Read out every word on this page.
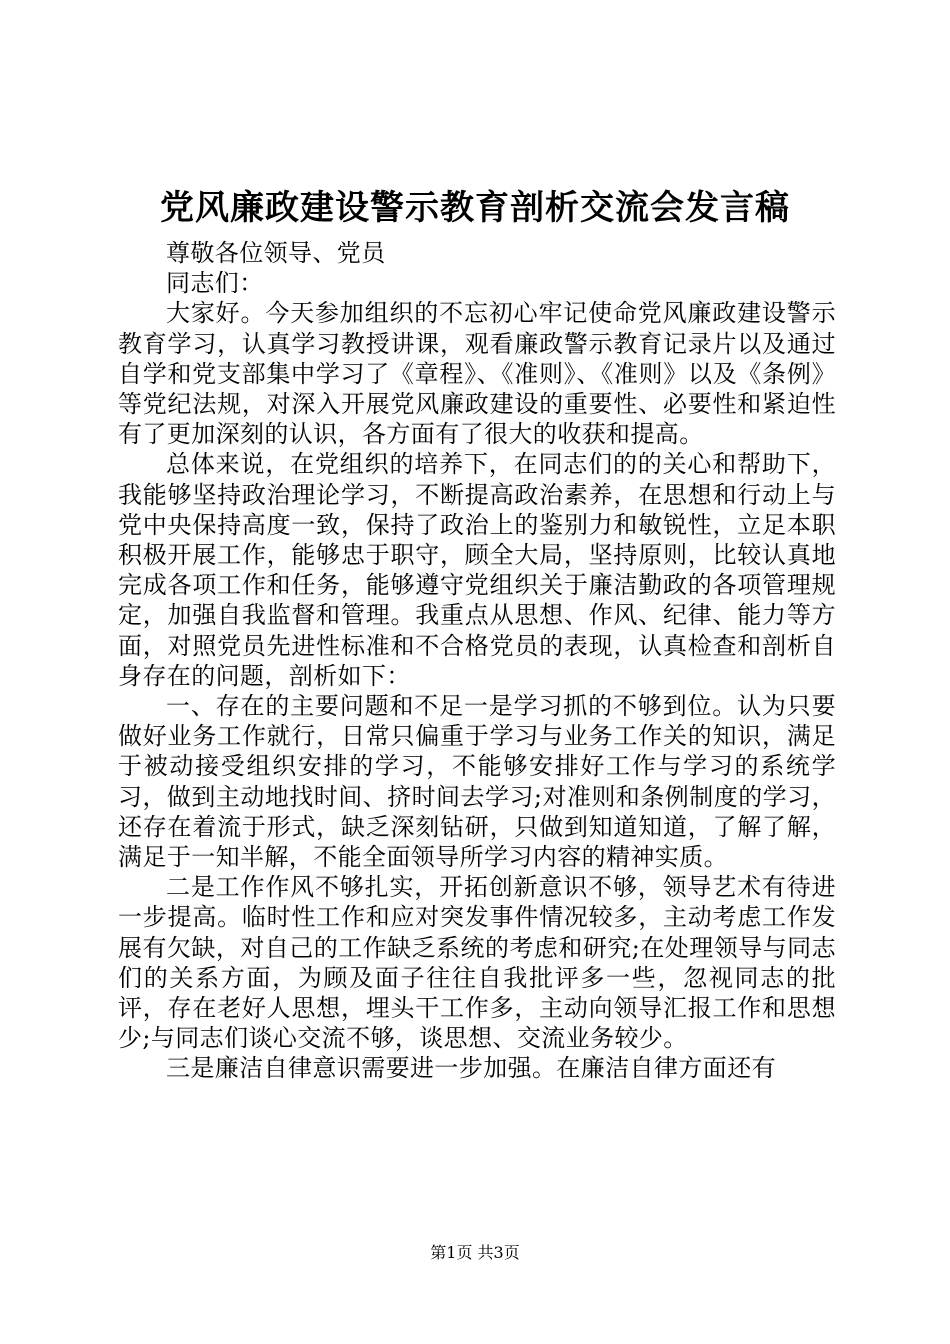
党风廉政建设警示教育剖析交流会发言稿

尊敬各位领导、党员

同志们：

大家好。今天参加组织的不忘初心牢记使命党风廉政建设警示教育学习，认真学习教授讲课，观看廉政警示教育记录片以及通过自学和党支部集中学习了《章程》、《准则》、《准则》以及《条例》等党纪法规，对深入开展党风廉政建设的重要性、必要性和紧迫性有了更加深刻的认识，各方面有了很大的收获和提高。

总体来说，在党组织的培养下，在同志们的的关心和帮助下，我能够坚持政治理论学习，不断提高政治素养，在思想和行动上与党中央保持高度一致，保持了政治上的鉴别力和敏锐性，立足本职积极开展工作，能够忠于职守，顾全大局，坚持原则，比较认真地完成各项工作和任务，能够遵守党组织关于廉洁勤政的各项管理规定，加强自我监督和管理。我重点从思想、作风、纪律、能力等方面，对照党员先进性标准和不合格党员的表现，认真检查和剖析自身存在的问题，剖析如下：

一、存在的主要问题和不足一是学习抓的不够到位。认为只要做好业务工作就行，日常只偏重于学习与业务工作关的知识，满足于被动接受组织安排的学习，不能够安排好工作与学习的系统学习，做到主动地找时间、挤时间去学习;对准则和条例制度的学习，还存在着流于形式，缺乏深刻钻研，只做到知道知道，了解了解，满足于一知半解，不能全面领导所学习内容的精神实质。

二是工作作风不够扎实，开拓创新意识不够，领导艺术有待进一步提高。临时性工作和应对突发事件情况较多，主动考虑工作发展有欠缺，对自己的工作缺乏系统的考虑和研究;在处理领导与同志们的关系方面，为顾及面子往往自我批评多一些，忽视同志的批评，存在老好人思想，埋头干工作多，主动向领导汇报工作和思想少;与同志们谈心交流不够，谈思想、交流业务较少。

三是廉洁自律意识需要进一步加强。在廉洁自律方面还有

第1页 共3页
